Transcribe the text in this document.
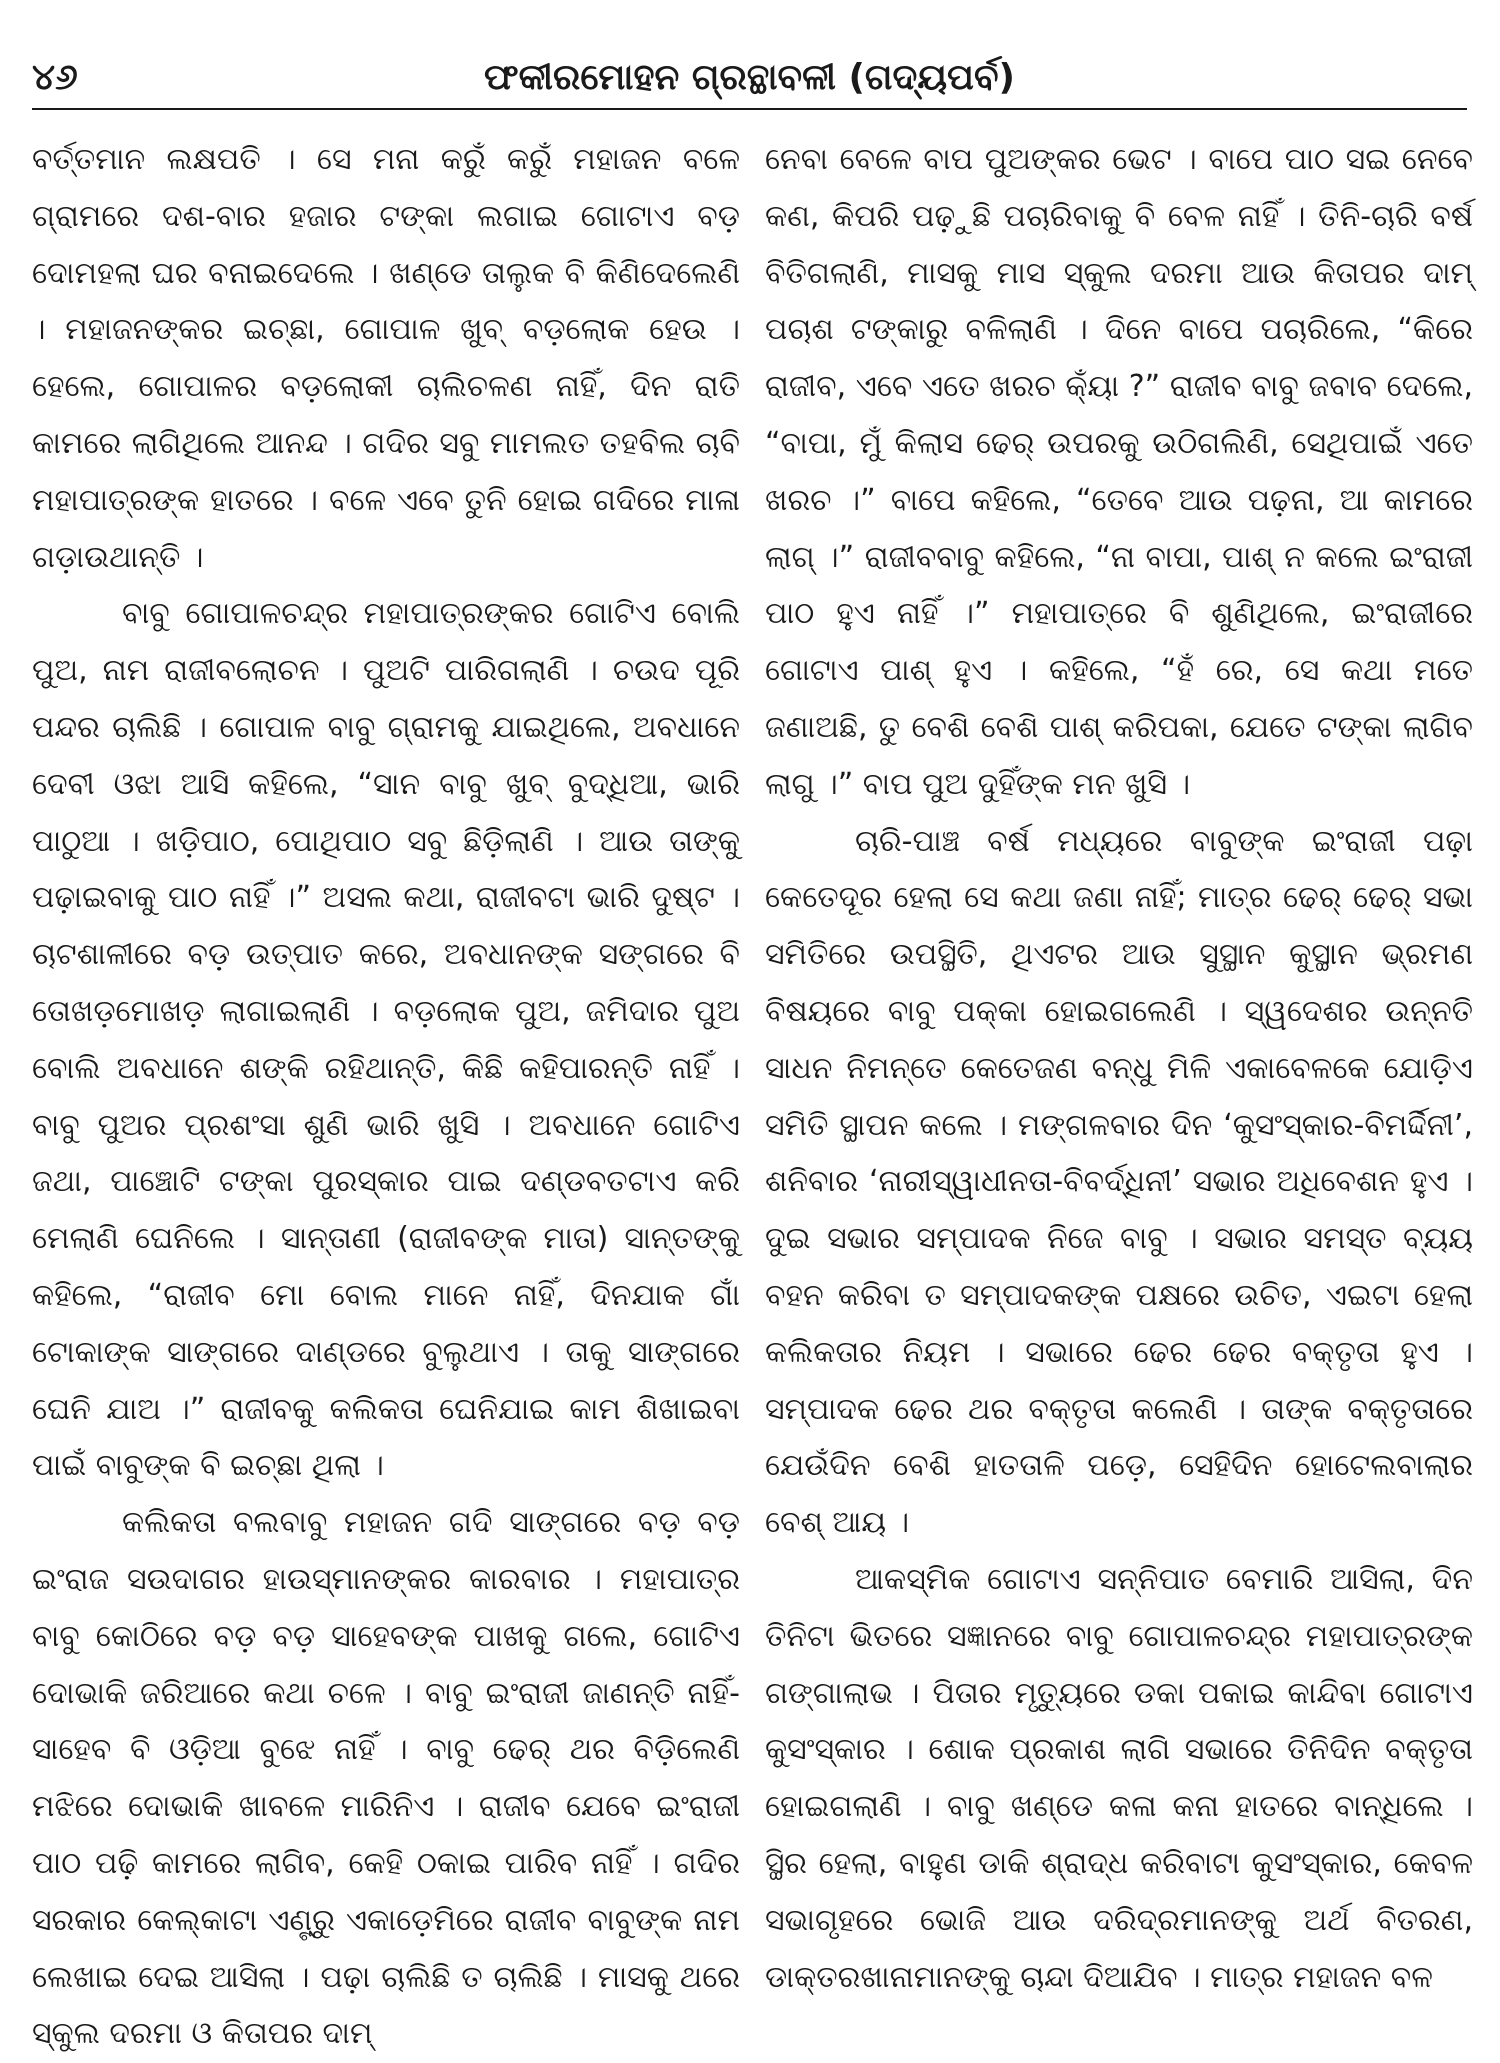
୪୬	ଫକୀରମୋହନ ଗ୍ରନ୍ଥାବଳୀ (ଗଦ୍ୟପର୍ବ)

ବର୍ତ୍ତମାନ ଲକ୍ଷପତି । ସେ ମନା କରୁଁ କରୁଁ ମହାଜନ ବଳେ ଗ୍ରାମରେ ଦଶ-ବାର ହଜାର ଟଙ୍କା ଲଗାଇ ଗୋଟାଏ ବଡ଼ ଦୋମହଲା ଘର ବନାଇଦେଲେ । ଖଣ୍ଡେ ତାଲୁକ ବି କିଣିଦେଲେଣି । ମହାଜନଙ୍କର ଇଚ୍ଛା, ଗୋପାଳ ଖୁବ୍ ବଡ଼ଲୋକ ହେଉ । ହେଲେ, ଗୋପାଳର ବଡ଼ଲୋକୀ ଚାଲିଚଳଣ ନାହିଁ, ଦିନ ରାତି କାମରେ ଲାଗିଥିଲେ ଆନନ୍ଦ । ଗଦିର ସବୁ ମାମଲତ ତହବିଲ ଚାବି ମହାପାତ୍ରଙ୍କ ହାତରେ । ବଳେ ଏବେ ତୁନି ହୋଇ ଗଦିରେ ମାଳା ଗଡ଼ାଉଥାନ୍ତି ।

ବାବୁ ଗୋପାଳଚନ୍ଦ୍ର ମହାପାତ୍ରଙ୍କର ଗୋଟିଏ ବୋଲି ପୁଅ, ନାମ ରାଜୀବଲୋଚନ । ପୁଅଟି ପାରିଗଲାଣି । ଚଉଦ ପୂରି ପନ୍ଦର ଚାଲିଛି । ଗୋପାଳ ବାବୁ ଗ୍ରାମକୁ ଯାଇଥିଲେ, ଅବଧାନେ ଦେବୀ ଓଝା ଆସି କହିଲେ, “ସାନ ବାବୁ ଖୁବ୍ ବୁଦ୍ଧିଆ, ଭାରି ପାଠୁଆ । ଖଡ଼ିପାଠ, ପୋଥିପାଠ ସବୁ ଛିଡ଼ିଲାଣି । ଆଉ ତାଙ୍କୁ ପଢ଼ାଇବାକୁ ପାଠ ନାହିଁ ।” ଅସଲ କଥା, ରାଜୀବଟା ଭାରି ଦୁଷ୍ଟ । ଚାଟଶାଳୀରେ ବଡ଼ ଉତ୍ପାତ କରେ, ଅବଧାନଙ୍କ ସଙ୍ଗରେ ବି ତୋଖଡ଼ମୋଖଡ଼ ଲାଗାଇଲାଣି । ବଡ଼ଲୋକ ପୁଅ, ଜମିଦାର ପୁଅ ବୋଲି ଅବଧାନେ ଶଙ୍କି ରହିଥାନ୍ତି, କିଛି କହିପାରନ୍ତି ନାହିଁ । ବାବୁ ପୁଅର ପ୍ରଶଂସା ଶୁଣି ଭାରି ଖୁସି । ଅବଧାନେ ଗୋଟିଏ ଜଥା, ପାଞ୍ଚୋଟି ଟଙ୍କା ପୁରସ୍କାର ପାଇ ଦଣ୍ଡବତଟାଏ କରି ମେଲାଣି ଘେନିଲେ । ସାନ୍ତାଣୀ (ରାଜୀବଙ୍କ ମାତା) ସାନ୍ତଙ୍କୁ କହିଲେ, “ରାଜୀବ ମୋ ବୋଲ ମାନେ ନାହିଁ, ଦିନଯାକ ଗାଁ ଟୋକାଙ୍କ ସାଙ୍ଗରେ ଦାଣ୍ଡରେ ବୁଲୁଥାଏ । ତାକୁ ସାଙ୍ଗରେ ଘେନି ଯାଅ ।” ରାଜୀବକୁ କଲିକତା ଘେନିଯାଇ କାମ ଶିଖାଇବା ପାଇଁ ବାବୁଙ୍କ ବି ଇଚ୍ଛା ଥିଲା ।

କଲିକତା ବଲବାବୁ ମହାଜନ ଗଦି ସାଙ୍ଗରେ ବଡ଼ ବଡ଼ ଇଂରାଜ ସଉଦାଗର ହାଉସ୍‌ମାନଙ୍କର କାରବାର । ମହାପାତ୍ର ବାବୁ କୋଠିରେ ବଡ଼ ବଡ଼ ସାହେବଙ୍କ ପାଖକୁ ଗଲେ, ଗୋଟିଏ ଦୋଭାକି ଜରିଆରେ କଥା ଚଳେ । ବାବୁ ଇଂରାଜୀ ଜାଣନ୍ତି ନାହିଁ- ସାହେବ ବି ଓଡ଼ିଆ ବୁଝେ ନାହିଁ । ବାବୁ ଢେର୍ ଥର ବିଡ଼ିଲେଣି ମଝିରେ ଦୋଭାକି ଖାବଳେ ମାରିନିଏ । ରାଜୀବ ଯେବେ ଇଂରାଜୀ ପାଠ ପଢ଼ି କାମରେ ଲାଗିବ, କେହି ଠକାଇ ପାରିବ ନାହିଁ । ଗଦିର ସରକାର କେଲ୍‌କାଟା ଏଣ୍ଟ୍ରୁ ଏକାଡ଼େମିରେ ରାଜୀବ ବାବୁଙ୍କ ନାମ ଲେଖାଇ ଦେଇ ଆସିଲା । ପଢ଼ା ଚାଲିଛି ତ ଚାଲିଛି । ମାସକୁ ଥରେ ସ୍କୁଲ ଦରମା ଓ କିତାପର ଦାମ୍

ନେବା ବେଳେ ବାପ ପୁଅଙ୍କର ଭେଟ । ବାପେ ପାଠ ସଇ ନେବେ କଣ, କିପରି ପଢ଼ୁଛି ପଚାରିବାକୁ ବି ବେଳ ନାହିଁ । ତିନି-ଚାରି ବର୍ଷ ବିତିଗଲାଣି, ମାସକୁ ମାସ ସ୍କୁଲ ଦରମା ଆଉ କିତାପର ଦାମ୍ ପଚାଶ ଟଙ୍କାରୁ ବଳିଲାଣି । ଦିନେ ବାପେ ପଚାରିଲେ, “କିରେ ରାଜୀବ, ଏବେ ଏତେ ଖରଚ କ୍ୟାଁ ?” ରାଜୀବ ବାବୁ ଜବାବ ଦେଲେ, “ବାପା, ମୁଁ କିଲାସ ଢେର୍ ଉପରକୁ ଉଠିଗଲିଣି, ସେଥିପାଇଁ ଏତେ ଖରଚ ।” ବାପେ କହିଲେ, “ତେବେ ଆଉ ପଢ଼ନା, ଆ କାମରେ ଲାଗ୍ ।” ରାଜୀବବାବୁ କହିଲେ, “ନା ବାପା, ପାଶ୍ ନ କଲେ ଇଂରାଜୀ ପାଠ ହୁଏ ନାହିଁ ।” ମହାପାତ୍ରେ ବି ଶୁଣିଥିଲେ, ଇଂରାଜୀରେ ଗୋଟାଏ ପାଶ୍ ହୁଏ । କହିଲେ, “ହଁ ରେ, ସେ କଥା ମତେ ଜଣାଅଛି, ତୁ ବେଶି ବେଶି ପାଶ୍ କରିପକା, ଯେତେ ଟଙ୍କା ଲାଗିବ ଲାଗୁ ।” ବାପ ପୁଅ ଦୁହିଁଙ୍କ ମନ ଖୁସି ।

ଚାରି-ପାଞ୍ଚ ବର୍ଷ ମଧ୍ୟରେ ବାବୁଙ୍କ ଇଂରାଜୀ ପଢ଼ା କେତେଦୂର ହେଲା ସେ କଥା ଜଣା ନାହିଁ; ମାତ୍ର ଢେର୍ ଢେର୍ ସଭା ସମିତିରେ ଉପସ୍ଥିତି, ଥିଏଟର ଆଉ ସୁସ୍ଥାନ କୁସ୍ଥାନ ଭ୍ରମଣ ବିଷୟରେ ବାବୁ ପକ୍କା ହୋଇଗଲେଣି । ସ୍ୱଦେଶର ଉନ୍ନତି ସାଧନ ନିମନ୍ତେ କେତେଜଣ ବନ୍ଧୁ ମିଳି ଏକାବେଳକେ ଯୋଡ଼ିଏ ସମିତି ସ୍ଥାପନ କଲେ । ମଙ୍ଗଳବାର ଦିନ ‘କୁସଂସ୍କାର-ବିମର୍ଦ୍ଦିନୀ’, ଶନିବାର ‘ନାରୀସ୍ୱାଧୀନତା-ବିବର୍ଦ୍ଧିନୀ’ ସଭାର ଅଧିବେଶନ ହୁଏ । ଦୁଇ ସଭାର ସମ୍ପାଦକ ନିଜେ ବାବୁ । ସଭାର ସମସ୍ତ ବ୍ୟୟ ବହନ କରିବା ତ ସମ୍ପାଦକଙ୍କ ପକ୍ଷରେ ଉଚିତ, ଏଇଟା ହେଲା କଲିକତାର ନିୟମ । ସଭାରେ ଢେର ଢେର ବକ୍ତୃତା ହୁଏ । ସମ୍ପାଦକ ଢେର ଥର ବକ୍ତୃତା କଲେଣି । ତାଙ୍କ ବକ୍ତୃତାରେ ଯେଉଁଦିନ ବେଶି ହାତତାଳି ପଡ଼େ, ସେହିଦିନ ହୋଟେଲବାଲାର ବେଶ୍ ଆୟ ।

ଆକସ୍ମିକ ଗୋଟାଏ ସନ୍ନିପାତ ବେମାରି ଆସିଲା, ଦିନ ତିନିଟା ଭିତରେ ସଜ୍ଞାନରେ ବାବୁ ଗୋପାଳଚନ୍ଦ୍ର ମହାପାତ୍ରଙ୍କ ଗଙ୍ଗାଲାଭ । ପିତାର ମୃତ୍ୟୁରେ ଡକା ପକାଇ କାନ୍ଦିବା ଗୋଟାଏ କୁସଂସ୍କାର । ଶୋକ ପ୍ରକାଶ ଲାଗି ସଭାରେ ତିନିଦିନ ବକ୍ତୃତା ହୋଇଗଲାଣି । ବାବୁ ଖଣ୍ଡେ କଳା କନା ହାତରେ ବାନ୍ଧିଲେ । ସ୍ଥିର ହେଲା, ବାହୁଣ ଡାକି ଶ୍ରାଦ୍ଧ କରିବାଟା କୁସଂସ୍କାର, କେବଳ ସଭାଗୃହରେ ଭୋଜି ଆଉ ଦରିଦ୍ରମାନଙ୍କୁ ଅର୍ଥ ବିତରଣ, ଡାକ୍ତରଖାନାମାନଙ୍କୁ ଚାନ୍ଦା ଦିଆଯିବ । ମାତ୍ର ମହାଜନ ବଳ
